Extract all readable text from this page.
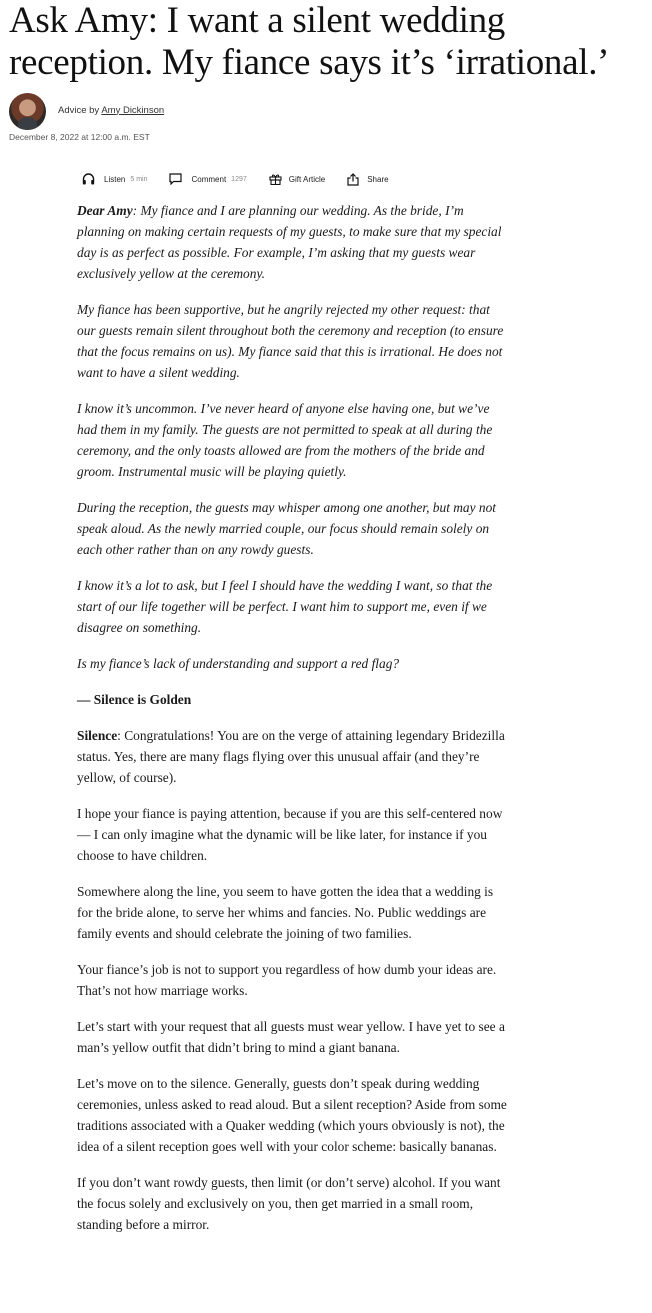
Ask Amy: I want a silent wedding reception. My fiance says it’s ‘irrational.’
Advice by Amy Dickinson
December 8, 2022 at 12:00 a.m. EST
Listen 5 min	Comment 1297	Gift Article	Share

Dear Amy: My fiance and I are planning our wedding. As the bride, I’m planning on making certain requests of my guests, to make sure that my special day is as perfect as possible. For example, I’m asking that my guests wear exclusively yellow at the ceremony.

My fiance has been supportive, but he angrily rejected my other request: that our guests remain silent throughout both the ceremony and reception (to ensure that the focus remains on us). My fiance said that this is irrational. He does not want to have a silent wedding.

I know it’s uncommon. I’ve never heard of anyone else having one, but we’ve had them in my family. The guests are not permitted to speak at all during the ceremony, and the only toasts allowed are from the mothers of the bride and groom. Instrumental music will be playing quietly.

During the reception, the guests may whisper among one another, but may not speak aloud. As the newly married couple, our focus should remain solely on each other rather than on any rowdy guests.

I know it’s a lot to ask, but I feel I should have the wedding I want, so that the start of our life together will be perfect. I want him to support me, even if we disagree on something.

Is my fiance’s lack of understanding and support a red flag?

— Silence is Golden

Silence: Congratulations! You are on the verge of attaining legendary Bridezilla status. Yes, there are many flags flying over this unusual affair (and they’re yellow, of course).

I hope your fiance is paying attention, because if you are this self-centered now — I can only imagine what the dynamic will be like later, for instance if you choose to have children.

Somewhere along the line, you seem to have gotten the idea that a wedding is for the bride alone, to serve her whims and fancies. No. Public weddings are family events and should celebrate the joining of two families.

Your fiance’s job is not to support you regardless of how dumb your ideas are. That’s not how marriage works.

Let’s start with your request that all guests must wear yellow. I have yet to see a man’s yellow outfit that didn’t bring to mind a giant banana.

Let’s move on to the silence. Generally, guests don’t speak during wedding ceremonies, unless asked to read aloud. But a silent reception? Aside from some traditions associated with a Quaker wedding (which yours obviously is not), the idea of a silent reception goes well with your color scheme: basically bananas.

If you don’t want rowdy guests, then limit (or don’t serve) alcohol. If you want the focus solely and exclusively on you, then get married in a small room, standing before a mirror.
